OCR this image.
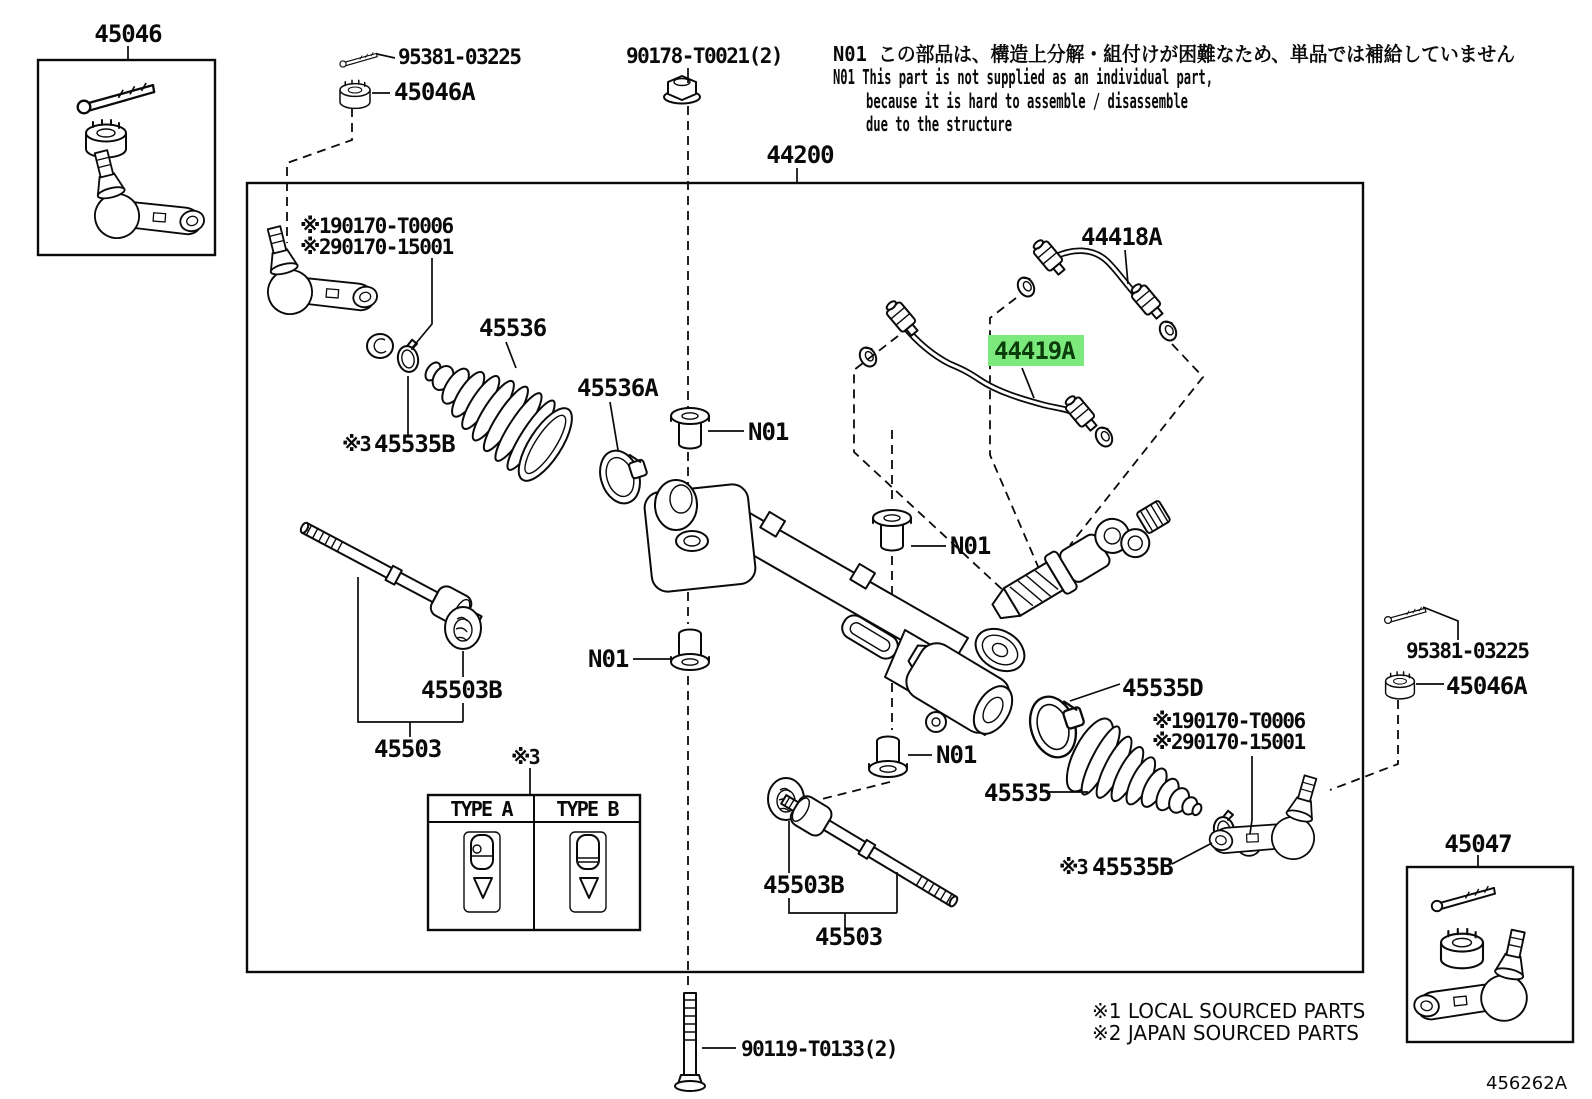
45046
95381-03225
45046A
90178-T0021(2)	N01 この部品は、構造上分解・組付けが困難なため、単品では補給していません
N01 This part is not supplied as an individual part,
because it is hard to assemble / disassemble
due to the structure
44200
44418A
44419A
※190170-T0006
※290170-15001
45536
45536A
※3 45535B	N01
N01
N01
N01
45503B
45503	※3
TYPE A TYPE B
45535D
※190170-T0006
※290170-15001
45535
※3 45535B
45503B
45503
95381-03225
45046A
45047
90119-T0133(2)
※1 LOCAL SOURCED PARTS
※2 JAPAN SOURCED PARTS
456262A
